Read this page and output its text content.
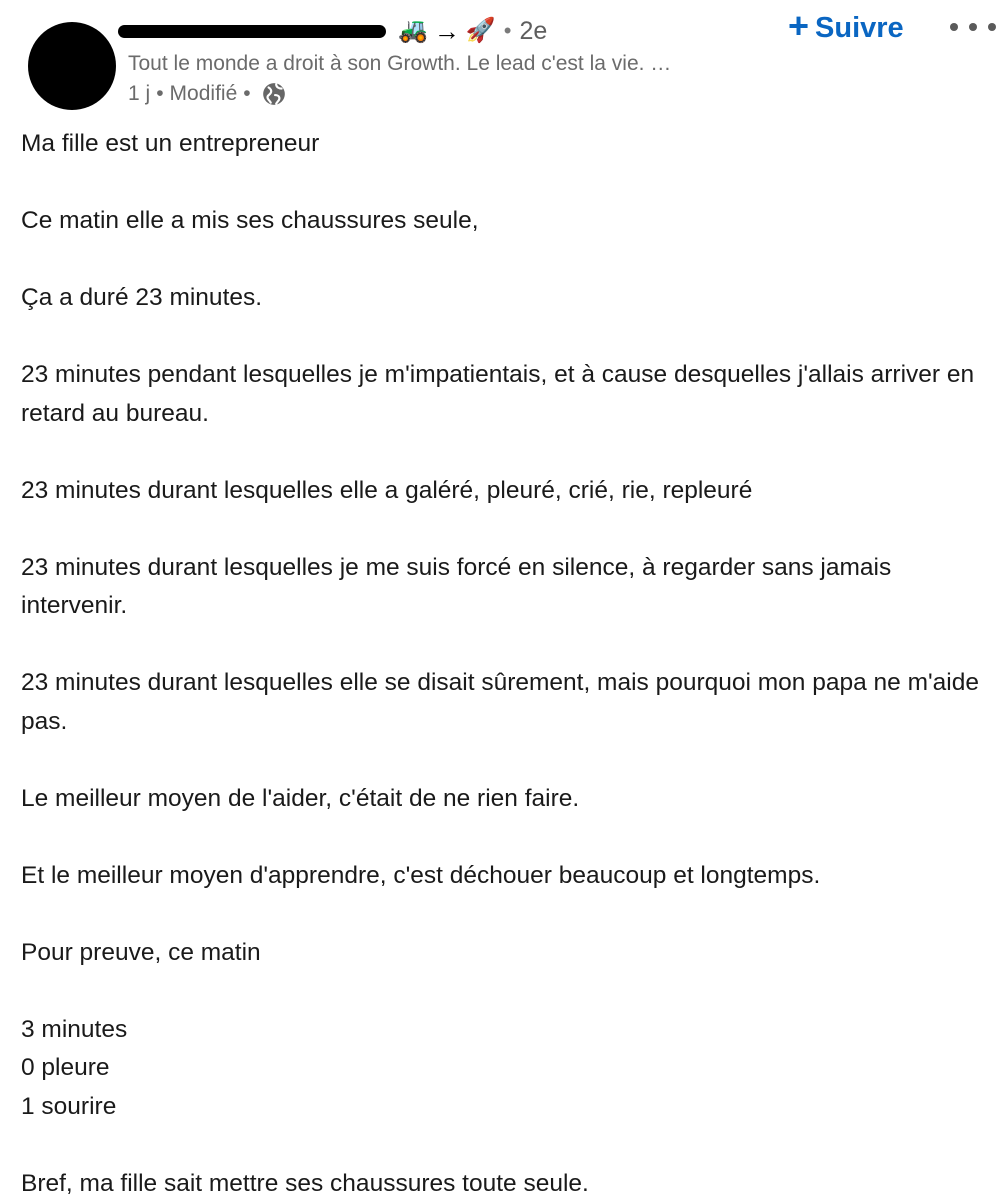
🚜 → 🚀 • 2e	+ Suivre
Tout le monde a droit à son Growth. Le lead c'est la vie. …
1 j • Modifié •
Ma fille est un entrepreneur
Ce matin elle a mis ses chaussures seule,
Ça a duré 23 minutes.
23 minutes pendant lesquelles je m'impatientais, et à cause desquelles j'allais arriver en retard au bureau.
23 minutes durant lesquelles elle a galéré, pleuré, crié, rie, repleuré
23 minutes durant lesquelles je me suis forcé en silence, à regarder sans jamais intervenir.
23 minutes durant lesquelles elle se disait sûrement, mais pourquoi mon papa ne m'aide pas.
Le meilleur moyen de l'aider, c'était de ne rien faire.
Et le meilleur moyen d'apprendre, c'est déchouer beaucoup et longtemps.
Pour preuve, ce matin
3 minutes
0 pleure
1 sourire
Bref, ma fille sait mettre ses chaussures toute seule.
